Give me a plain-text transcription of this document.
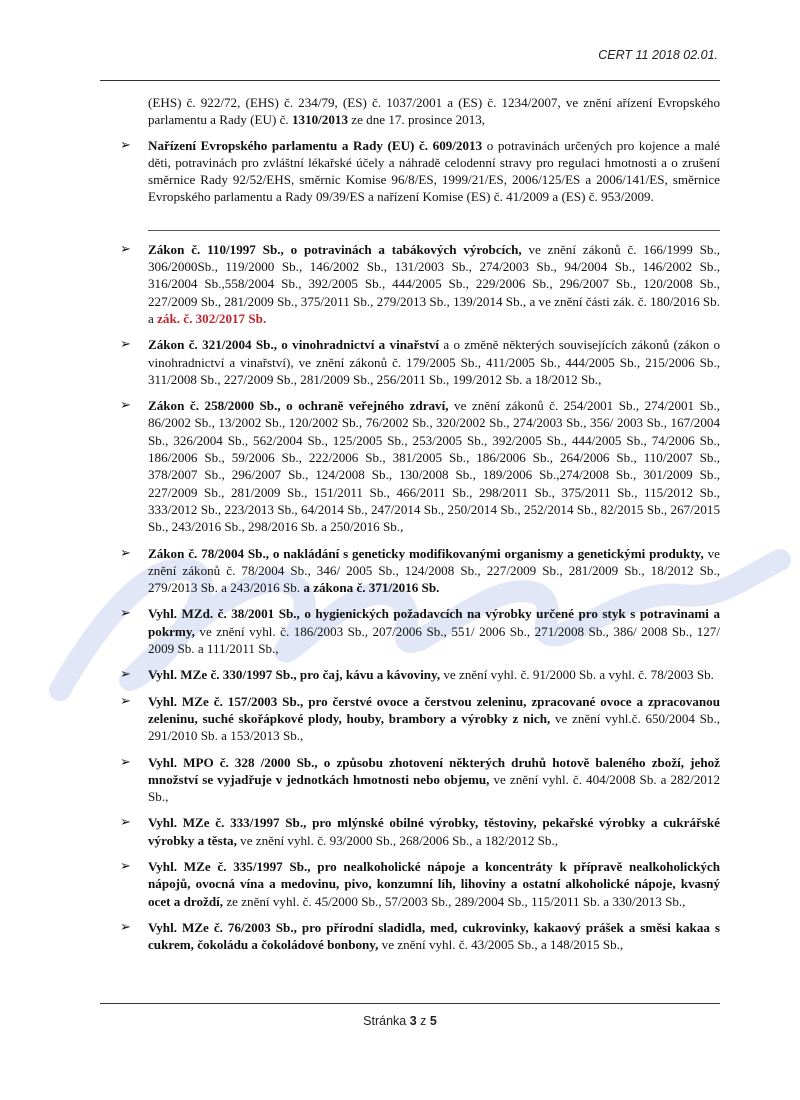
CERT 11 2018 02.01.
(EHS) č. 922/72, (EHS) č. 234/79, (ES) č. 1037/2001 a (ES) č. 1234/2007, ve znění ařízení Evropského parlamentu a Rady (EU) č. 1310/2013 ze dne 17. prosince 2013,
➢ Nařízení Evropského parlamentu a Rady (EU) č. 609/2013 o potravinách určených pro kojence a malé děti, potravinách pro zvláštní lékařské účely a náhradě celodenní stravy pro regulaci hmotnosti a o zrušení směrnice Rady 92/52/EHS, směrnic Komise 96/8/ES, 1999/21/ES, 2006/125/ES a 2006/141/ES, směrnice Evropského parlamentu a Rady 09/39/ES a nařízení Komise (ES) č. 41/2009 a (ES) č. 953/2009.
➢ Zákon č. 110/1997 Sb., o potravinách a tabákových výrobcích, ve znění zákonů č. 166/1999 Sb., 306/2000Sb., 119/2000 Sb., 146/2002 Sb., 131/2003 Sb., 274/2003 Sb., 94/2004 Sb., 146/2002 Sb., 316/2004 Sb.,558/2004 Sb., 392/2005 Sb., 444/2005 Sb., 229/2006 Sb., 296/2007 Sb., 120/2008 Sb., 227/2009 Sb., 281/2009 Sb., 375/2011 Sb., 279/2013 Sb., 139/2014 Sb., a ve znění části zák. č. 180/2016 Sb. a zák. č. 302/2017 Sb.
➢ Zákon č. 321/2004 Sb., o vinohradnictví a vinařství a o změně některých souvisejících zákonů (zákon o vinohradnictví a vinařství), ve znění zákonů č. 179/2005 Sb., 411/2005 Sb., 444/2005 Sb., 215/2006 Sb., 311/2008 Sb., 227/2009 Sb., 281/2009 Sb., 256/2011 Sb., 199/2012 Sb. a 18/2012 Sb.,
➢ Zákon č. 258/2000 Sb., o ochraně veřejného zdraví, ve znění zákonů č. 254/2001 Sb., 274/2001 Sb., 86/2002 Sb., 13/2002 Sb., 120/2002 Sb., 76/2002 Sb., 320/2002 Sb., 274/2003 Sb., 356/ 2003 Sb., 167/2004 Sb., 326/2004 Sb., 562/2004 Sb., 125/2005 Sb., 253/2005 Sb., 392/2005 Sb., 444/2005 Sb., 74/2006 Sb., 186/2006 Sb., 59/2006 Sb., 222/2006 Sb., 381/2005 Sb., 186/2006 Sb., 264/2006 Sb., 110/2007 Sb., 378/2007 Sb., 296/2007 Sb., 124/2008 Sb., 130/2008 Sb., 189/2006 Sb.,274/2008 Sb., 301/2009 Sb., 227/2009 Sb., 281/2009 Sb., 151/2011 Sb., 466/2011 Sb., 298/2011 Sb., 375/2011 Sb., 115/2012 Sb., 333/2012 Sb., 223/2013 Sb., 64/2014 Sb., 247/2014 Sb., 250/2014 Sb., 252/2014 Sb., 82/2015 Sb., 267/2015 Sb., 243/2016 Sb., 298/2016 Sb. a 250/2016 Sb.,
➢ Zákon č. 78/2004 Sb., o nakládání s geneticky modifikovanými organismy a genetickými produkty, ve znění zákonů č. 78/2004 Sb., 346/ 2005 Sb., 124/2008 Sb., 227/2009 Sb., 281/2009 Sb., 18/2012 Sb., 279/2013 Sb. a 243/2016 Sb. a zákona č. 371/2016 Sb.
➢ Vyhl. MZd. č. 38/2001 Sb., o hygienických požadavcích na výrobky určené pro styk s potravinami a pokrmy, ve znění vyhl. č. 186/2003 Sb., 207/2006 Sb., 551/ 2006 Sb., 271/2008 Sb., 386/ 2008 Sb., 127/ 2009 Sb. a 111/2011 Sb.,
➢ Vyhl. MZe č. 330/1997 Sb., pro čaj, kávu a kávoviny, ve znění vyhl. č. 91/2000 Sb. a vyhl. č. 78/2003 Sb.
➢ Vyhl. MZe č. 157/2003 Sb., pro čerstvé ovoce a čerstvou zeleninu, zpracované ovoce a zpracovanou zeleninu, suché skořápkové plody, houby, brambory a výrobky z nich, ve znění vyhl.č. 650/2004 Sb., 291/2010 Sb. a 153/2013 Sb.,
➢ Vyhl. MPO č. 328 /2000 Sb., o způsobu zhotovení některých druhů hotově baleného zboží, jehož množství se vyjadřuje v jednotkách hmotnosti nebo objemu, ve znění vyhl. č. 404/2008 Sb. a 282/2012 Sb.,
➢ Vyhl. MZe č. 333/1997 Sb., pro mlýnské obilné výrobky, těstoviny, pekařské výrobky a cukrářské výrobky a těsta, ve znění vyhl. č. 93/2000 Sb., 268/2006 Sb., a 182/2012 Sb.,
➢ Vyhl. MZe č. 335/1997 Sb., pro nealkoholické nápoje a koncentráty k přípravě nealkoholických nápojů, ovocná vína a medovinu, pivo, konzumní líh, lihoviny a ostatní alkoholické nápoje, kvasný ocet a droždí, ze znění vyhl. č. 45/2000 Sb., 57/2003 Sb., 289/2004 Sb., 115/2011 Sb. a 330/2013 Sb.,
➢ Vyhl. MZe č. 76/2003 Sb., pro přírodní sladidla, med, cukrovinky, kakaový prášek a směsi kakaa s cukrem, čokoládu a čokoládové bonbony, ve znění vyhl. č. 43/2005 Sb., a 148/2015 Sb.,
Stránka 3 z 5
